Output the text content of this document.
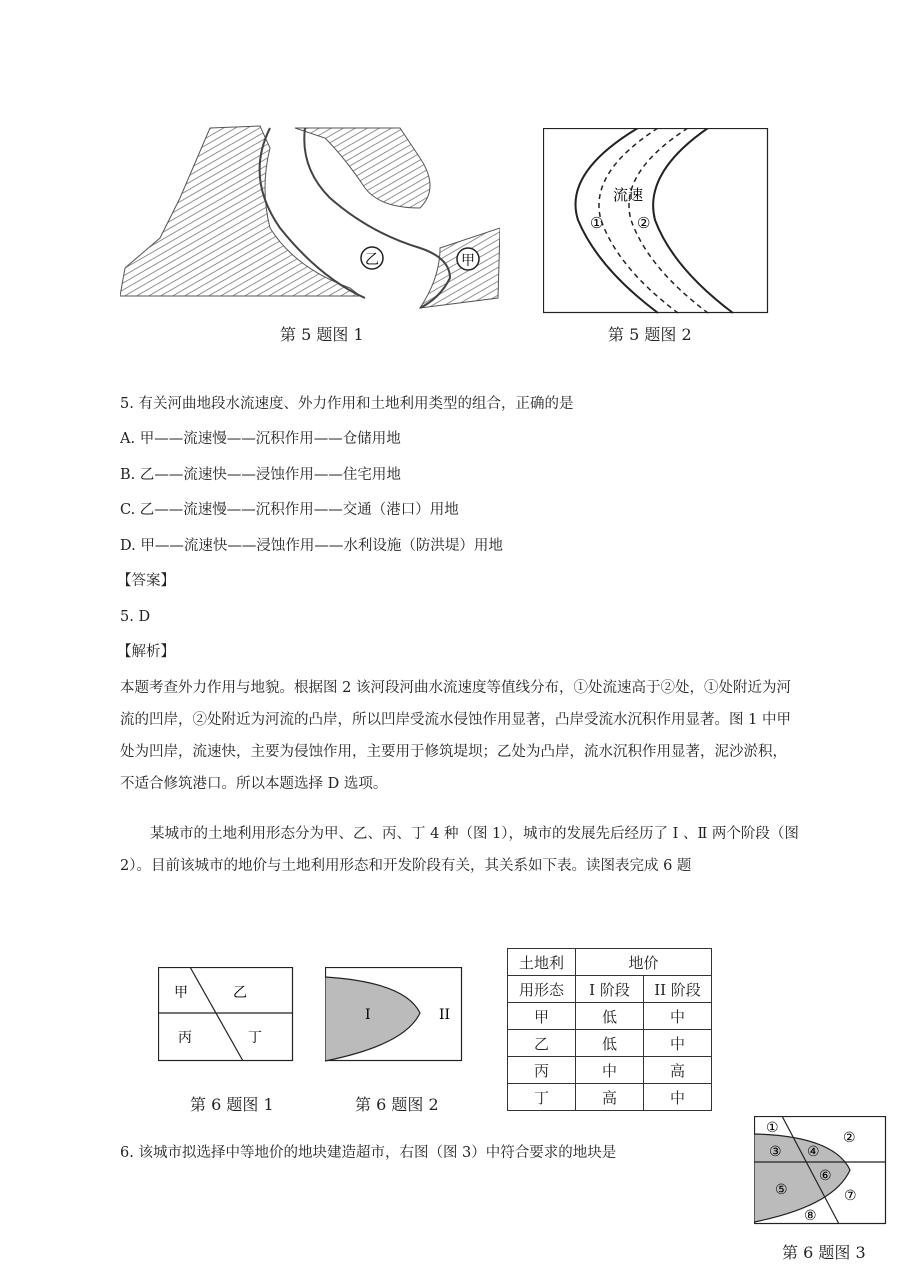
乙	甲
第 5 题图 1
流速
① ②
第 5 题图 2
5. 有关河曲地段水流速度、外力作用和土地利用类型的组合，正确的是
A. 甲——流速慢——沉积作用——仓储用地
B. 乙——流速快——浸蚀作用——住宅用地
C. 乙——流速慢——沉积作用——交通（港口）用地
D. 甲——流速快——浸蚀作用——水利设施（防洪堤）用地
【答案】
5. D
【解析】
本题考查外力作用与地貌。根据图 2 该河段河曲水流速度等值线分布，①处流速高于②处，①处附近为河流的凹岸，②处附近为河流的凸岸，所以凹岸受流水侵蚀作用显著，凸岸受流水沉积作用显著。图 1 中甲处为凹岸，流速快，主要为侵蚀作用，主要用于修筑堤坝；乙处为凸岸，流水沉积作用显著，泥沙淤积，不适合修筑港口。所以本题选择 D 选项。
某城市的土地利用形态分为甲、乙、丙、丁 4 种（图 1），城市的发展先后经历了 Ⅰ 、Ⅱ 两个阶段（图 2）。目前该城市的地价与土地利用形态和开发阶段有关，其关系如下表。读图表完成 6 题
甲	乙
丙	丁
第 6 题图 1
I	II
第 6 题图 2
土地利	地价	
用形态	I 阶段	II 阶段
甲	低	中
乙	低	中
丙	中	高
丁	高	中
6. 该城市拟选择中等地价的地块建造超市，右图（图 3）中符合要求的地块是
①
②
③ ④
⑤
⑥
⑦
⑧
第 6 题图 3
